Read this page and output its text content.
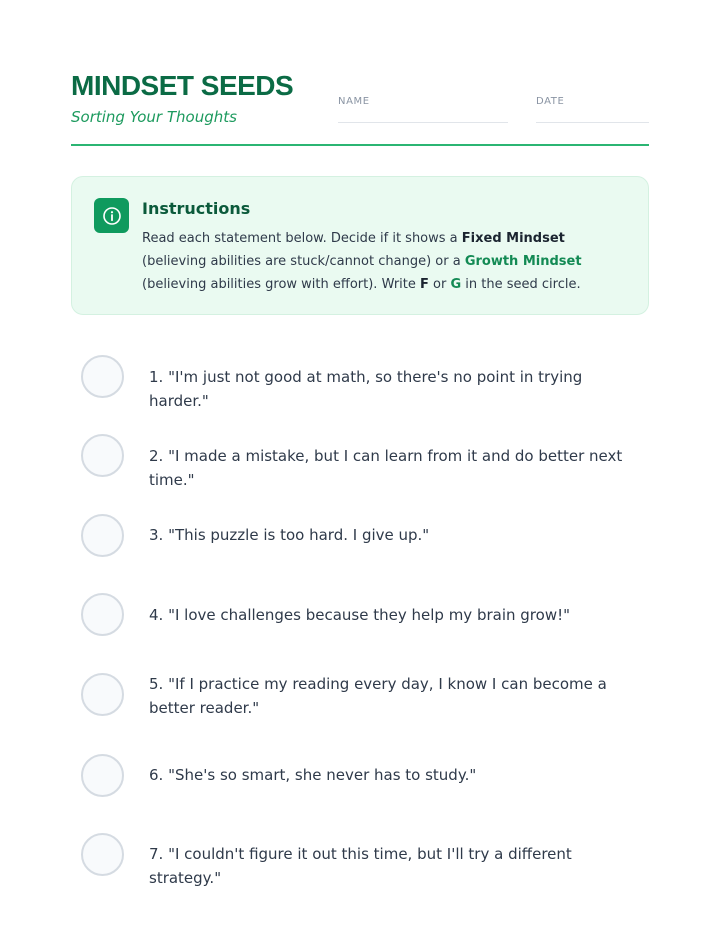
MINDSET SEEDS
Sorting Your Thoughts
NAME	DATE
Instructions
Read each statement below. Decide if it shows a Fixed Mindset (believing abilities are stuck/cannot change) or a Growth Mindset (believing abilities grow with effort). Write F or G in the seed circle.
1. "I'm just not good at math, so there's no point in trying harder."
2. "I made a mistake, but I can learn from it and do better next time."
3. "This puzzle is too hard. I give up."
4. "I love challenges because they help my brain grow!"
5. "If I practice my reading every day, I know I can become a better reader."
6. "She's so smart, she never has to study."
7. "I couldn't figure it out this time, but I'll try a different strategy."
